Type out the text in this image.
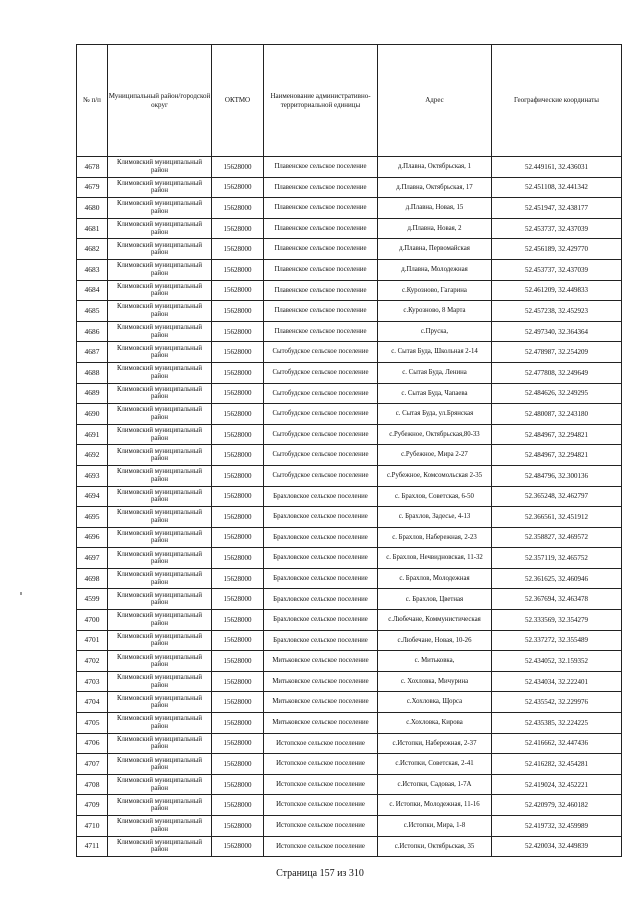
№ п/п	Муниципальный район/городской округ	ОКТМО	Наименование административно-территориальной единицы	Адрес	Географические координаты
4678	Климовский муниципальный район	15628000	Плавенское сельское поселение	д.Плавна, Октябрьская, 1	52.449161, 32.436031
4679	Климовский муниципальный район	15628000	Плавенское сельское поселение	д.Плавна, Октябрьская, 17	52.451108, 32.441342
4680	Климовский муниципальный район	15628000	Плавенское сельское поселение	д.Плавна, Новая, 15	52.451947, 32.438177
4681	Климовский муниципальный район	15628000	Плавенское сельское поселение	д.Плавна, Новая, 2	52.453737, 32.437039
4682	Климовский муниципальный район	15628000	Плавенское сельское поселение	д.Плавна, Первомайская	52.456189, 32.429770
4683	Климовский муниципальный район	15628000	Плавенское сельское поселение	д.Плавна, Молодежная	52.453737, 32.437039
4684	Климовский муниципальный район	15628000	Плавенское сельское поселение	с.Курозново, Гагарина	52.461209, 32.449833
4685	Климовский муниципальный район	15628000	Плавенское сельское поселение	с.Курозново, 8 Марта	52.457238, 32.452923
4686	Климовский муниципальный район	15628000	Плавенское сельское поселение	с.Пруска,	52.497340, 32.364364
4687	Климовский муниципальный район	15628000	Сытобудское сельское поселение	с. Сытая Буда, Школьная 2-14	52.478987, 32.254209
4688	Климовский муниципальный район	15628000	Сытобудское сельское поселение	с. Сытая Буда, Ленина	52.477808, 32.249649
4689	Климовский муниципальный район	15628000	Сытобудское сельское поселение	с. Сытая Буда, Чапаева	52.484626, 32.249295
4690	Климовский муниципальный район	15628000	Сытобудское сельское поселение	с. Сытая Буда, ул.Брянская	52.480087, 32.243180
4691	Климовский муниципальный район	15628000	Сытобудское сельское поселение	с.Рубежное, Октябрьская,80-33	52.484967, 32.294821
4692	Климовский муниципальный район	15628000	Сытобудское сельское поселение	с.Рубежное, Мира 2-27	52.484967, 32.294821
4693	Климовский муниципальный район	15628000	Сытобудское сельское поселение	с.Рубежное, Комсомольская 2-35	52.484796, 32.300136
4694	Климовский муниципальный район	15628000	Брахловское сельское поселение	с. Брахлов, Советская, 6-50	52.365248, 32.462797
4695	Климовский муниципальный район	15628000	Брахловское сельское поселение	с. Брахлов, Задесье, 4-13	52.366561, 32.451912
4696	Климовский муниципальный район	15628000	Брахловское сельское поселение	с. Брахлов, Набережная, 2-23	52.358827, 32.469572
4697	Климовский муниципальный район	15628000	Брахловское сельское поселение	с. Брахлов, Нечвидновская, 11-32	52.357119, 32.465752
4698	Климовский муниципальный район	15628000	Брахловское сельское поселение	с. Брахлов, Молодежная	52.361625, 32.460946
4599	Климовский муниципальный район	15628000	Брахловское сельское поселение	с. Брахлов, Цветная	52.367694, 32.463478
4700	Климовский муниципальный район	15628000	Брахловское сельское поселение	с.Любечане, Коммунистическая	52.333569, 32.354279
4701	Климовский муниципальный район	15628000	Брахловское сельское поселение	с.Любечане, Новая, 10-26	52.337272, 32.355489
4702	Климовский муниципальный район	15628000	Митьковское сельское поселение	с. Митьковка,	52.434052, 32.159352
4703	Климовский муниципальный район	15628000	Митьковское сельское поселение	с. Хохловка, Мичурина	52.434034, 32.222401
4704	Климовский муниципальный район	15628000	Митьковское сельское поселение	с.Хохловка, Щорса	52.435542, 32.229976
4705	Климовский муниципальный район	15628000	Митьковское сельское поселение	с.Хохловка, Кирова	52.435385, 32.224225
4706	Климовский муниципальный район	15628000	Истопское сельское поселение	с.Истопки, Набережная, 2-37	52.416662, 32.447436
4707	Климовский муниципальный район	15628000	Истопское сельское поселение	с.Истопки, Советская, 2-41	52.416282, 32.454281
4708	Климовский муниципальный район	15628000	Истопское сельское поселение	с.Истопки, Садовая, 1-7А	52.419024, 32.452221
4709	Климовский муниципальный район	15628000	Истопское сельское поселение	с. Истопки, Молодежная, 11-16	52.420979, 32.460182
4710	Климовский муниципальный район	15628000	Истопское сельское поселение	с.Истопки, Мира, 1-8	52.419732, 32.459989
4711	Климовский муниципальный район	15628000	Истопское сельское поселение	с.Истопки, Октябрьская, 35	52.420034, 32.449839
Страница 157 из 310
